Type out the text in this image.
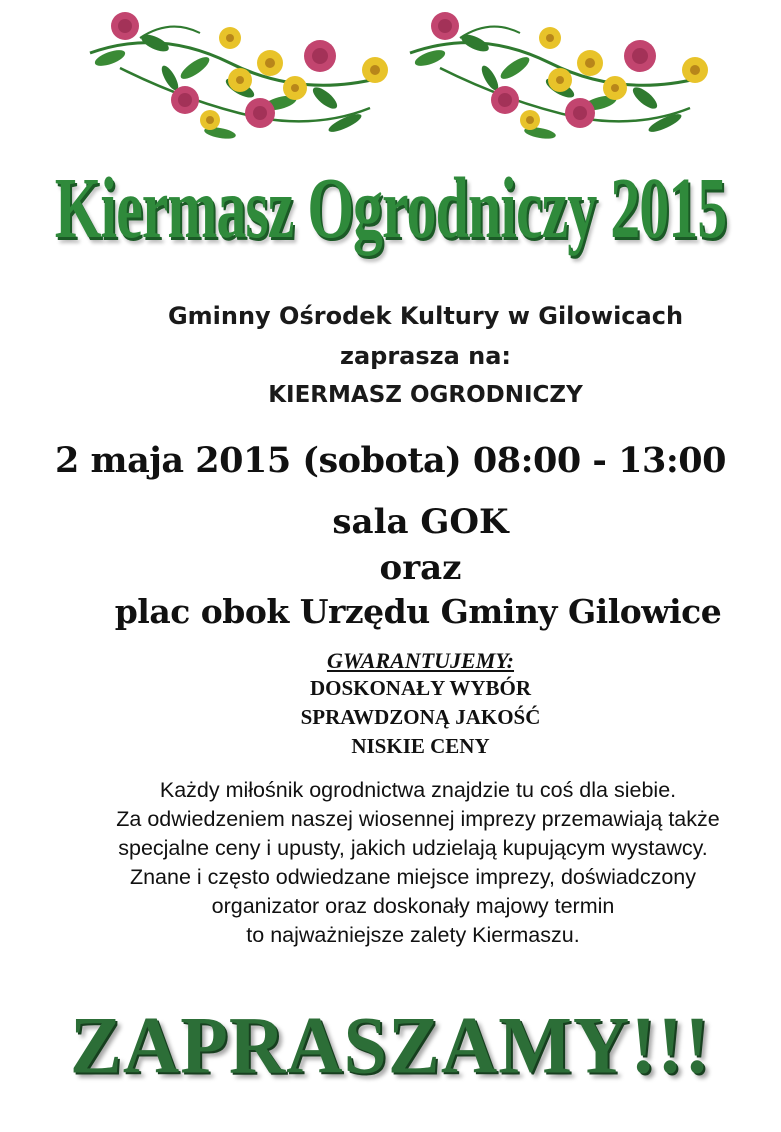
Kiermasz Ogrodniczy 2015
Gminny Ośrodek Kultury w Gilowicach
zaprasza na:
KIERMASZ OGRODNICZY
2 maja 2015 (sobota) 08:00 - 13:00
sala GOK
oraz
plac obok Urzędu Gminy Gilowice
GWARANTUJEMY:
DOSKONAŁY WYBÓR
SPRAWDZONĄ JAKOŚĆ
NISKIE CENY
Każdy miłośnik ogrodnictwa znajdzie tu coś dla siebie.
Za odwiedzeniem naszej wiosennej imprezy przemawiają także
specjalne ceny i upusty, jakich udzielają kupującym wystawcy.
Znane i często odwiedzane miejsce imprezy, doświadczony
organizator oraz doskonały majowy termin
to najważniejsze zalety Kiermaszu.
ZAPRASZAMY!!!
